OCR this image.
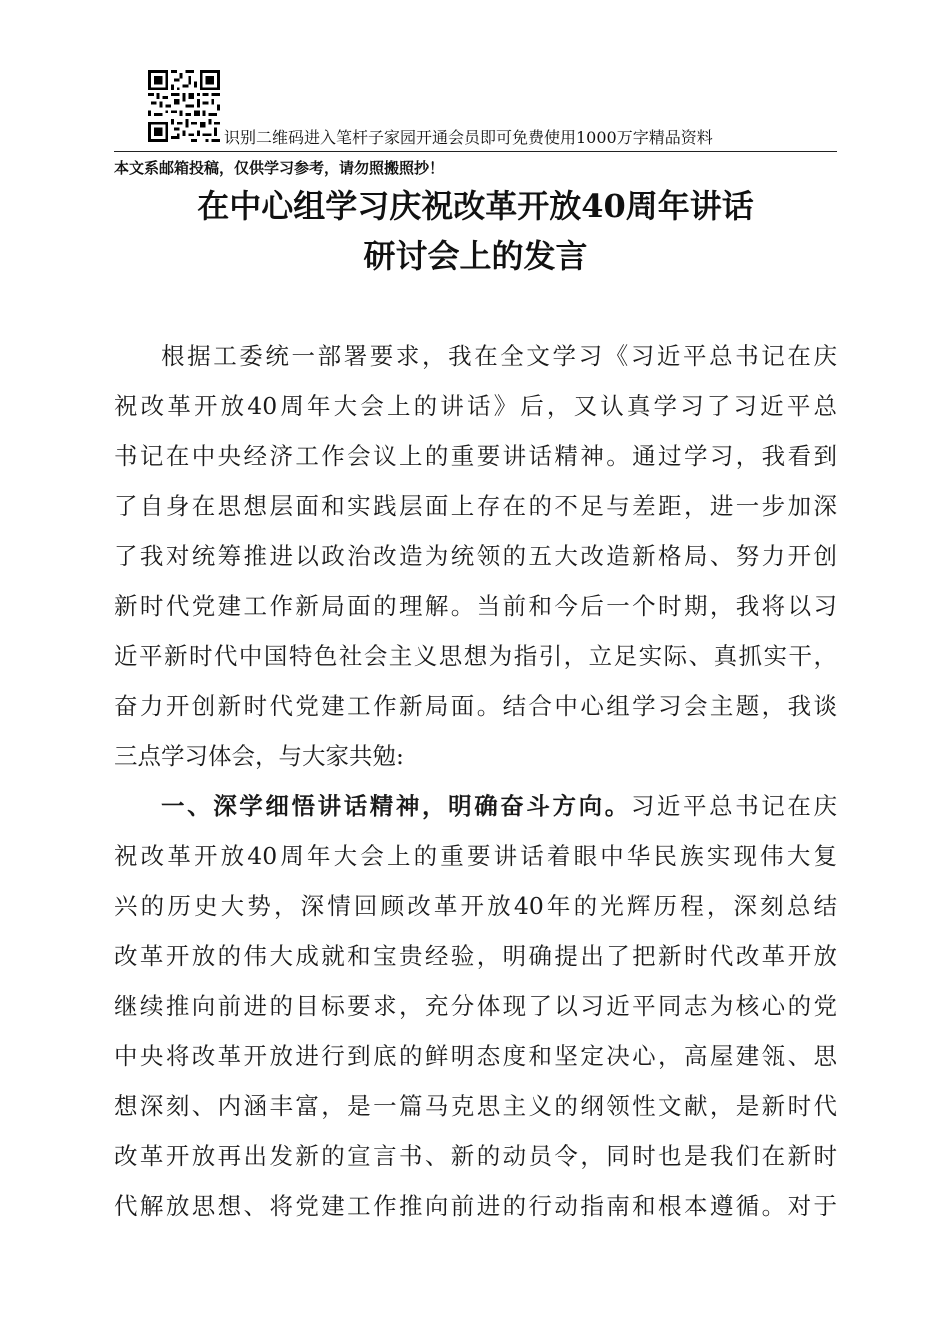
识别二维码进入笔杆子家园开通会员即可免费使用1000万字精品资料
本文系邮箱投稿，仅供学习参考，请勿照搬照抄！
在中心组学习庆祝改革开放40周年讲话
研讨会上的发言
根据工委统一部署要求，我在全文学习《习近平总书记在庆
祝改革开放40周年大会上的讲话》后，又认真学习了习近平总
书记在中央经济工作会议上的重要讲话精神。通过学习，我看到
了自身在思想层面和实践层面上存在的不足与差距，进一步加深
了我对统筹推进以政治改造为统领的五大改造新格局、努力开创
新时代党建工作新局面的理解。当前和今后一个时期，我将以习
近平新时代中国特色社会主义思想为指引，立足实际、真抓实干，
奋力开创新时代党建工作新局面。结合中心组学习会主题，我谈
三点学习体会，与大家共勉:
一、深学细悟讲话精神，明确奋斗方向。习近平总书记在庆
祝改革开放40周年大会上的重要讲话着眼中华民族实现伟大复
兴的历史大势，深情回顾改革开放40年的光辉历程，深刻总结
改革开放的伟大成就和宝贵经验，明确提出了把新时代改革开放
继续推向前进的目标要求，充分体现了以习近平同志为核心的党
中央将改革开放进行到底的鲜明态度和坚定决心，高屋建瓴、思
想深刻、内涵丰富，是一篇马克思主义的纲领性文献，是新时代
改革开放再出发新的宣言书、新的动员令，同时也是我们在新时
代解放思想、将党建工作推向前进的行动指南和根本遵循。对于
